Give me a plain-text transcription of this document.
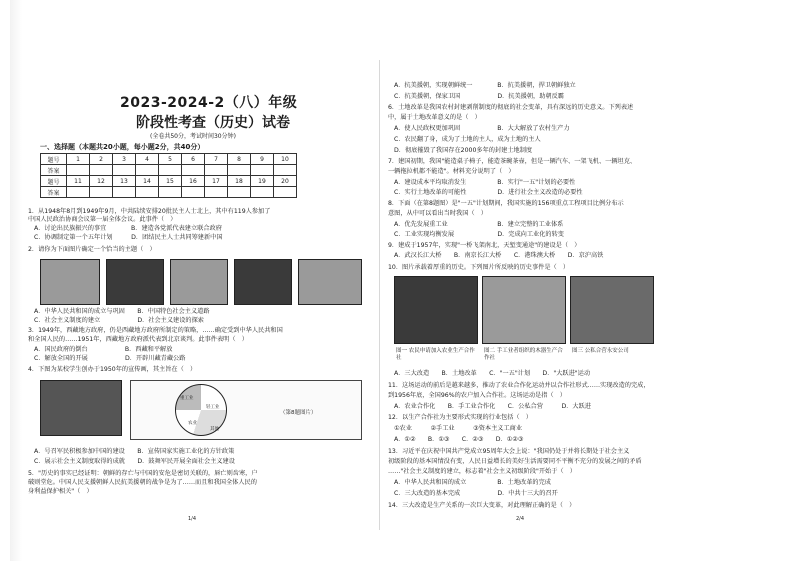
2023-2024-2（八）年级
阶段性考查（历史）试卷
(全卷共50分，考试时间30分钟)
一、选择题（本题共20小题，每小题2分，共40分）
题号	1	2	3	4	5	6	7	8	9	10
答案										
题号	11	12	13	14	15	16	17	18	19	20
答案										
1．从1948年8月到1949年9月，中共陆续安排20批民主人士北上，其中有119人参加了
中国人民政治协商会议第一届全体会议。此事件（　）
A．讨论出民族振兴的事宜　　　　B．建造各党派代表建立联合政府
C．协调制定第一个五年计划　　　D．团结民主人士共同筹建新中国
2．请你为下面图片确定一个恰当的主题（　）
A．中华人民共和国的成立与巩固　　B．中国特色社会主义道路
C．社会主义制度的建立　　　　　　D．社会主义建设的探索
3．1949年，西藏地方政府，仍是西藏地方政府所制定的策略，……确定受到中华人民共和国
和全国人民的……1951年，西藏地方政府派代表到北京谈判。此事件表明（　）
A．国民政府的倒台　　　　　　B．西藏和平解放
C．解放全国的开展　　　　　　D．开辟川藏青藏公路
4．下图为某校学生创办于1950年的宣传画，其主旨在（　）
重工业
轻工业
农业
其他
（第8题图片）
A．号召军民积极参加中国的建设　　B．宣传国家实施工业化的方针政策
C．展示社会主义制度取得的成就　　D．鼓舞军民开展全面社会主义建设
5．"历史的事实已经证明：朝鲜的存亡与中国的安危是密切关联的，唇亡则齿寒，户
破则堂危。中国人民支援朝鲜人民抗美援朝的战争是为了……而且和我国全体人民的
身利益保护相关"（　）
1/4
A．抗美援朝，实现朝鲜统一　　　　B．抗美援朝，捍卫朝鲜独立
C．抗美援朝，保家卫国　　　　　　D．抗美援朝，助朝反霸
6．土地改革是我国农村封建剥削制度的彻底的社会变革，具有深远的历史意义。下列表述
中，属于土地改革意义的是（　）
A．使人民政权更加巩固　　　　　　B．大大解放了农村生产力
C．农民翻了身，成为了土地的主人，成为土地的主人
D．彻底摧毁了我国存在2000多年的封建土地制度
7．建国初期，我国"能造桌子椅子，能造茶碗茶壶，但是一辆汽车、一架飞机、一辆坦克、
一辆拖拉机都不能造"。材料充分说明了（　）
A．建设成本平均取消发生　　　　　B．实行"一五"计划的必要性
C．实行土地改革的可能性　　　　　D．进行社会主义改造的必要性
8．下面（在第8题图）是"一五"计划期间，我国实施的156项重点工程项目比例分布示
意图，从中可以看出当时我国（　）
A．优先发展重工业　　　　　　　　B．建立完整的工业体系
C．工业实现均衡发展　　　　　　　D．完成向工业化的转变
9．建成于1957年，实现"一桥飞架南北，天堑变通途"的建设是（　）
A．武汉长江大桥　　B．南京长江大桥　　C．港珠澳大桥　　D．京沪高铁
10．图片承载着厚重的历史。下列图片所反映的历史事件是（　）
图一 农民申请加入农业生产合作社
图二 手工业者组织的木器生产合作社
图三 公私合营永安公司
A．三大改造　　B．土地改革　　C．"一五"计划　　D．"大跃进"运动
11．这场运动的前后是越来越多，推动了农业合作化运动并以合作社形式……实现改造的完成，
到1956年底，全国96%的农户加入合作社。这场运动是指（　）
A．农业合作化　　B．手工业合作化　　C．公私合营　　　D．大跃进
12．以生产合作社为主要形式实现的行业包括（　）
①农业　　　②手工业　　　③资本主义工商业
A．①②　　B．①③　　C．②③　　D．①②③
13．习近平在庆祝中国共产党成立95周年大会上说："我国仍处于并将长期处于社会主义
初级阶段的基本国情没有变，人民日益增长的美好生活需要同不平衡不充分的发展之间的矛盾
……"社会主义制度的建立，标志着"社会主义初级阶段"开始于（　）
A．中华人民共和国的成立　　　　　B．土地改革的完成
C．三大改造的基本完成　　　　　　D．中共十三大的召开
14．三大改造是生产关系的一次巨大变革，对此理解正确的是（　）
2/4
